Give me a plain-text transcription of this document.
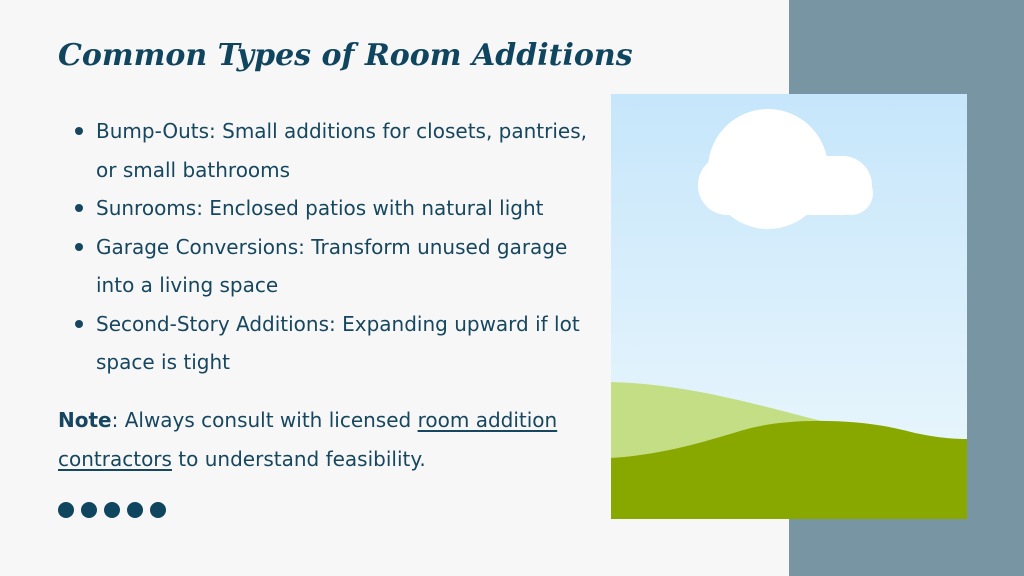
Common Types of Room Additions
Bump-Outs: Small additions for closets, pantries, or small bathrooms
Sunrooms: Enclosed patios with natural light
Garage Conversions: Transform unused garage into a living space
Second-Story Additions: Expanding upward if lot space is tight

Note: Always consult with licensed room addition contractors to understand feasibility.
